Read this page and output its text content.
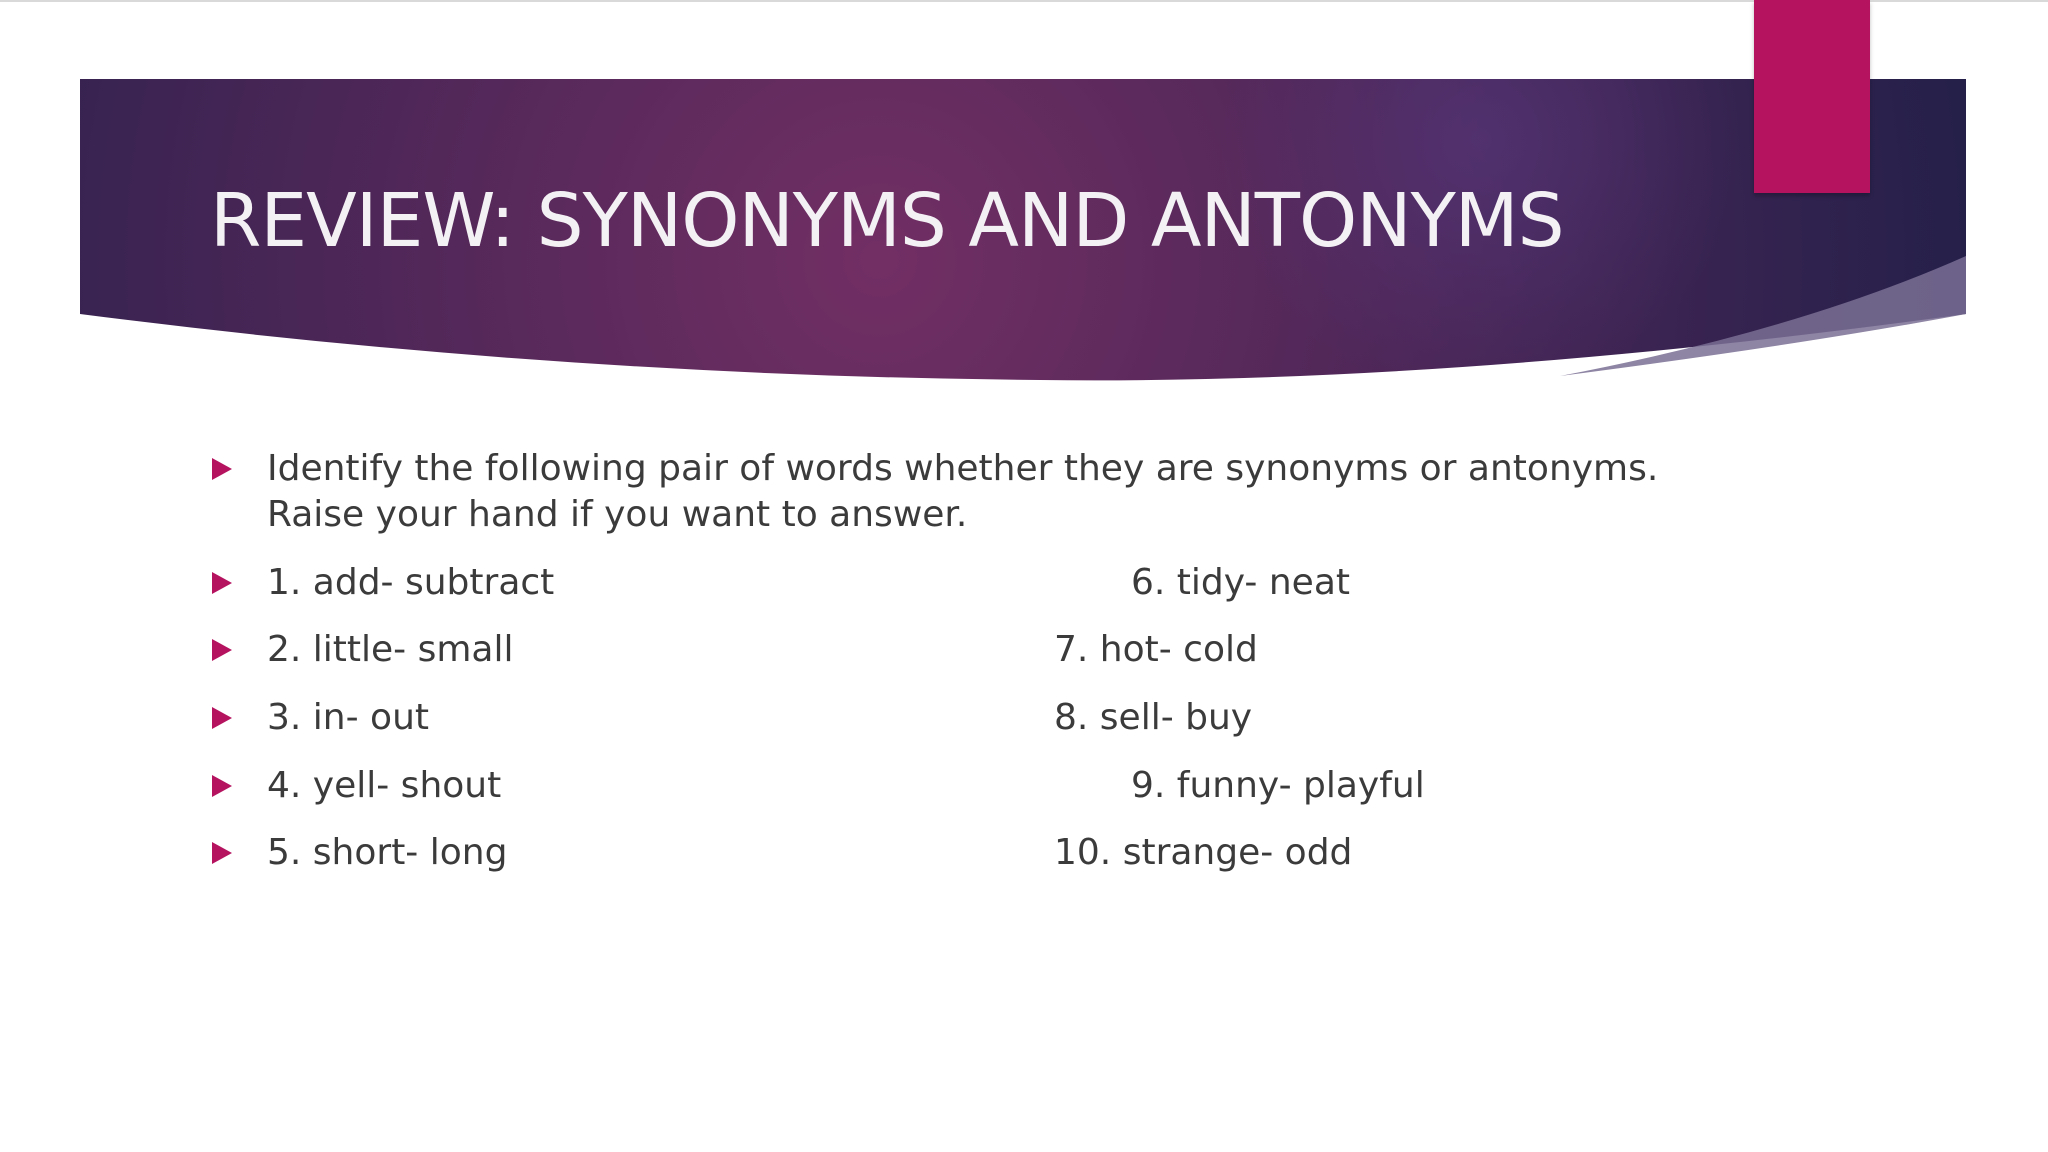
REVIEW: SYNONYMS AND ANTONYMS
Identify the following pair of words whether they are synonyms or antonyms.
Raise your hand if you want to answer.
1. add- subtract
2. little- small
3. in- out
4. yell- shout
5. short- long
6. tidy- neat
7. hot- cold
8. sell- buy
9. funny- playful
10. strange- odd
